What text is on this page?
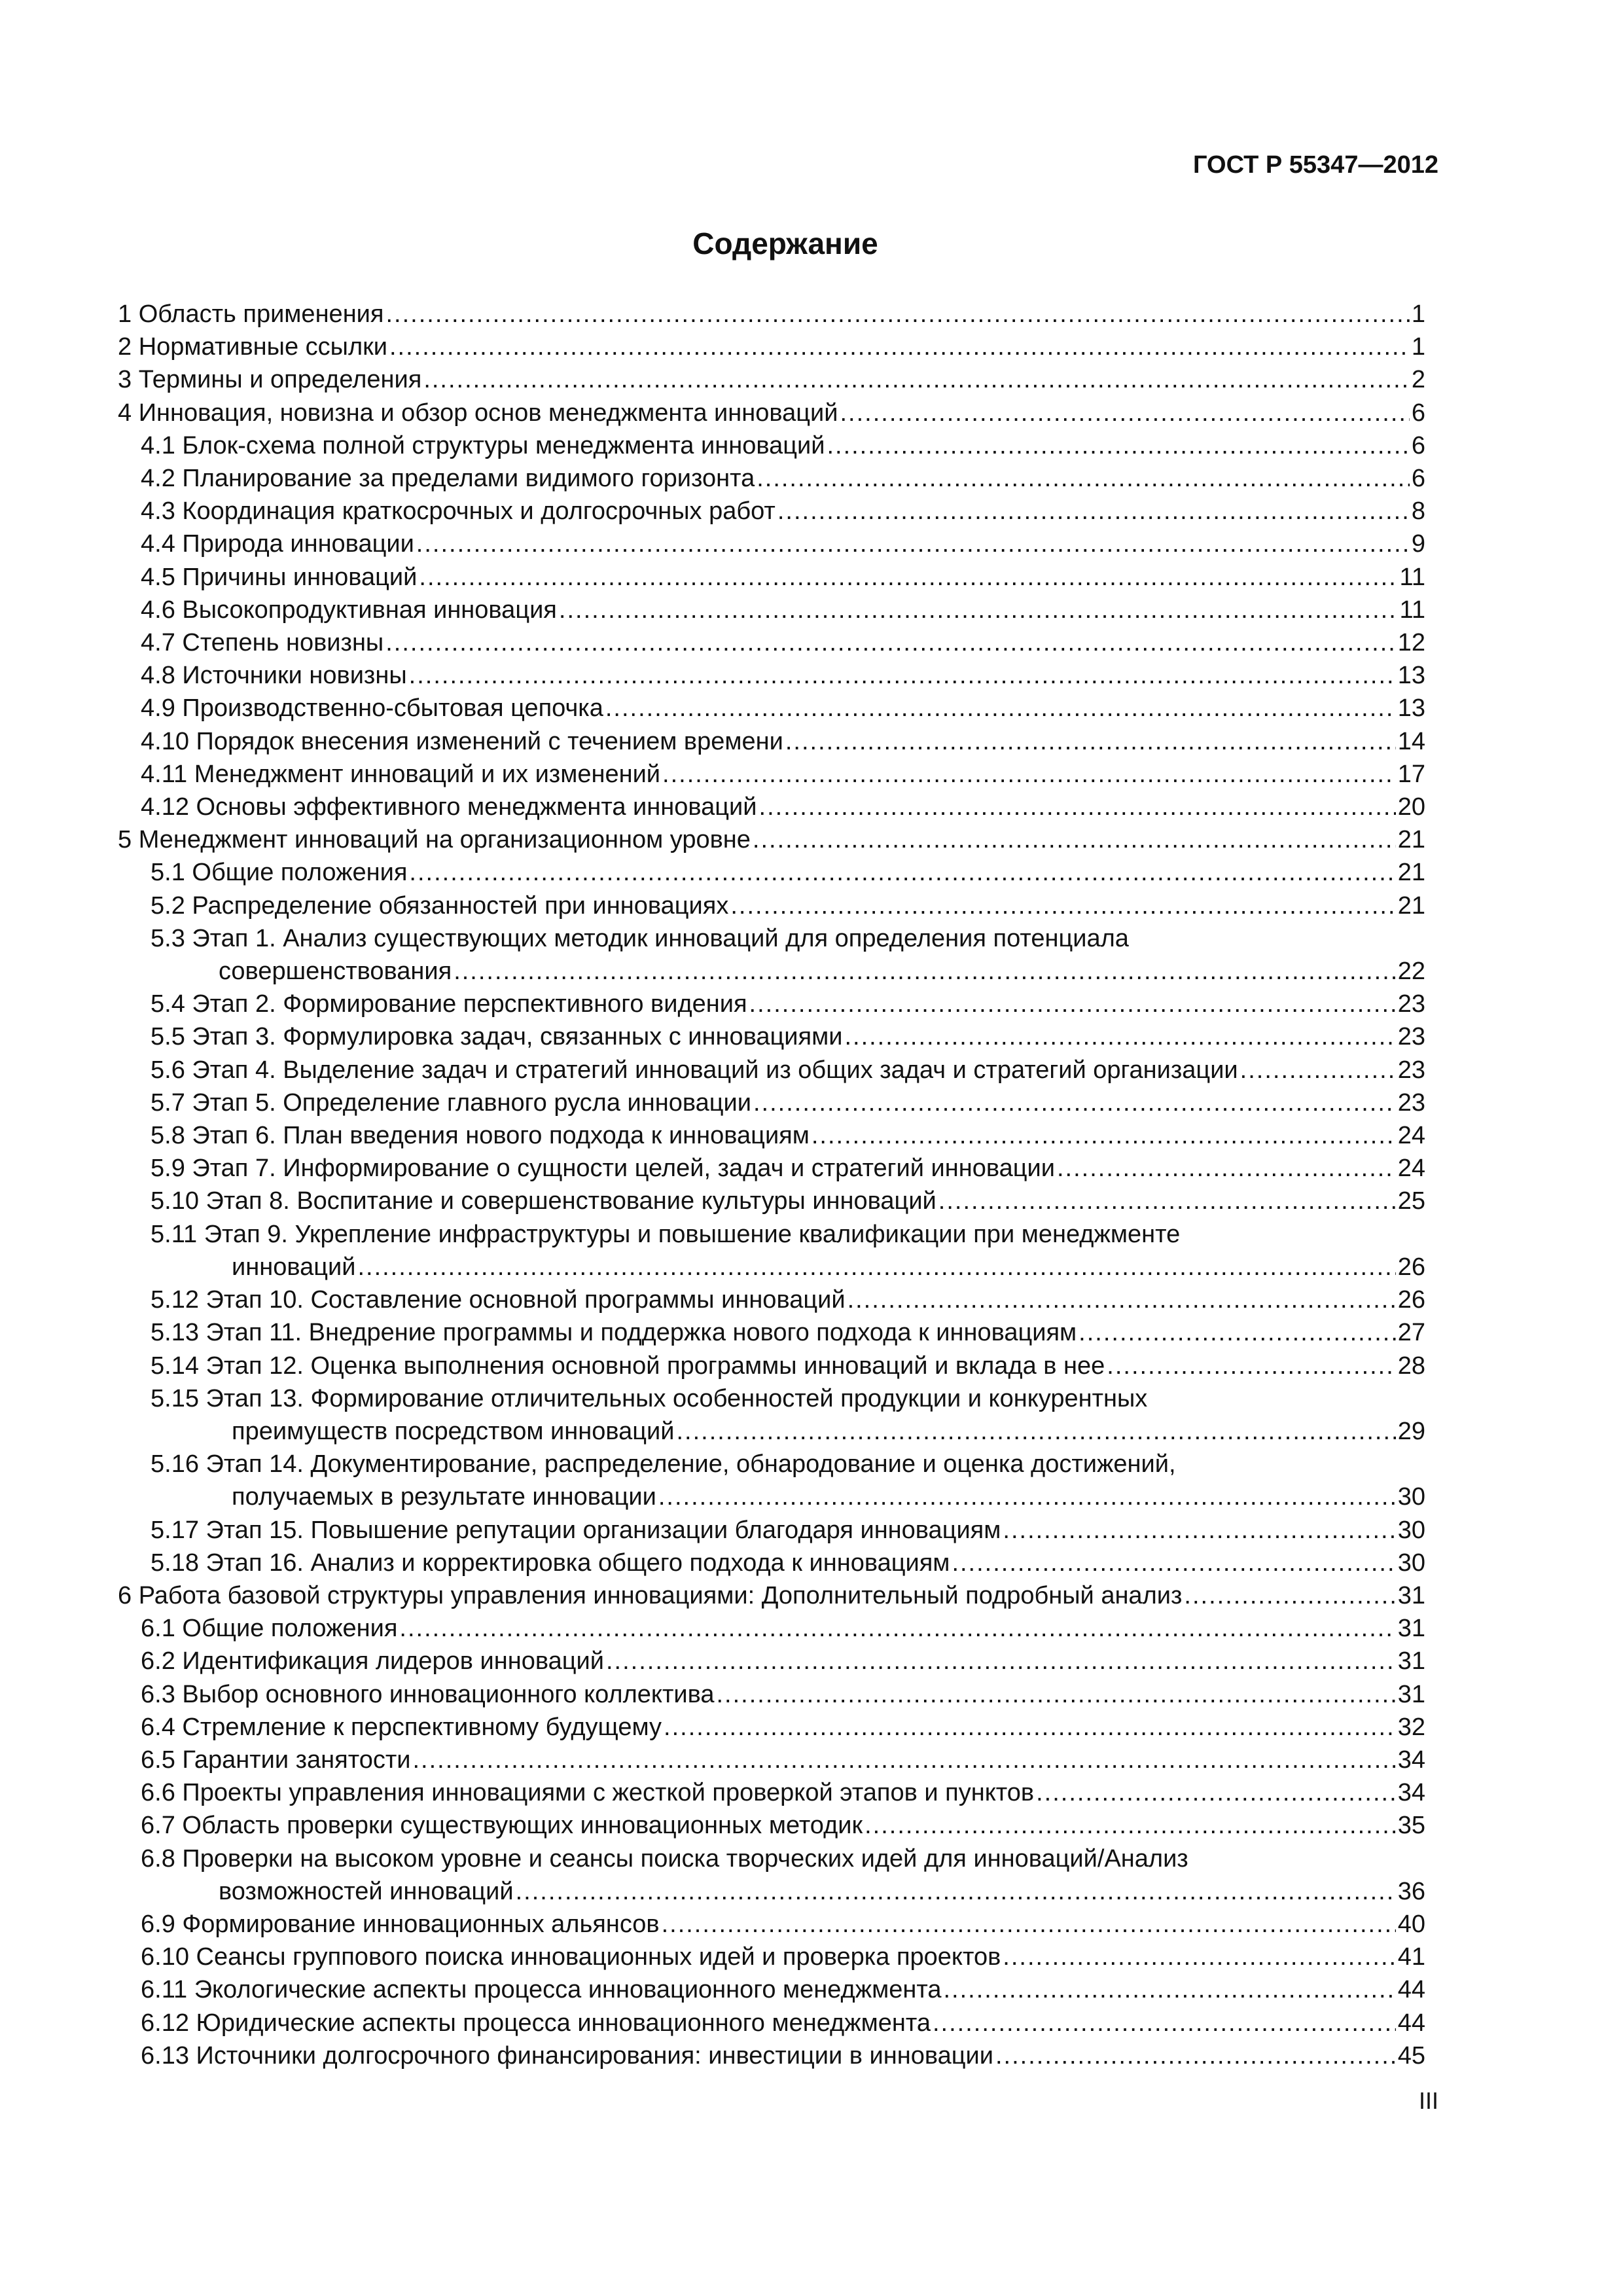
ГОСТ Р 55347—2012
Содержание
1 Область применения .....	1
2 Нормативные ссылки .....	1
3 Термины и определения .....	2
4 Инновация, новизна и обзор основ менеджмента инноваций .....	6
4.1 Блок-схема полной структуры менеджмента инноваций .....	6
4.2 Планирование за пределами видимого горизонта .....	6
4.3 Координация краткосрочных и долгосрочных работ .....	8
4.4 Природа инновации .....	9
4.5 Причины инноваций .....	11
4.6 Высокопродуктивная инновация .....	11
4.7 Степень новизны .....	12
4.8 Источники новизны .....	13
4.9 Производственно-сбытовая цепочка .....	13
4.10 Порядок внесения изменений с течением времени .....	14
4.11 Менеджмент инноваций и их изменений .....	17
4.12 Основы эффективного менеджмента инноваций .....	20
5 Менеджмент инноваций на организационном уровне .....	21
5.1 Общие положения .....	21
5.2 Распределение обязанностей при инновациях .....	21
5.3 Этап 1. Анализ существующих методик инноваций для определения потенциала
совершенствования .....	22
5.4 Этап 2. Формирование перспективного видения .....	23
5.5 Этап 3. Формулировка задач, связанных с инновациями .....	23
5.6 Этап 4. Выделение задач и стратегий инноваций из общих задач и стратегий организации .....	23
5.7 Этап 5. Определение главного русла инновации .....	23
5.8 Этап 6. План введения нового подхода к инновациям .....	24
5.9 Этап 7. Информирование о сущности целей, задач и стратегий инновации .....	24
5.10 Этап 8. Воспитание и совершенствование культуры инноваций .....	25
5.11 Этап 9. Укрепление инфраструктуры и повышение квалификации при менеджменте
инноваций .....	26
5.12 Этап 10. Составление основной программы инноваций .....	26
5.13 Этап 11. Внедрение программы и поддержка нового подхода к инновациям .....	27
5.14 Этап 12. Оценка выполнения основной программы инноваций и вклада в нее .....	28
5.15 Этап 13. Формирование отличительных особенностей продукции и конкурентных
преимуществ посредством инноваций .....	29
5.16 Этап 14. Документирование, распределение, обнародование и оценка достижений,
получаемых в результате инновации .....	30
5.17 Этап 15. Повышение репутации организации благодаря инновациям .....	30
5.18 Этап 16. Анализ и корректировка общего подхода к инновациям .....	30
6 Работа базовой структуры управления инновациями: Дополнительный подробный анализ .....	31
6.1 Общие положения .....	31
6.2 Идентификация лидеров инноваций .....	31
6.3 Выбор основного инновационного коллектива .....	31
6.4 Стремление к перспективному будущему .....	32
6.5 Гарантии занятости .....	34
6.6 Проекты управления инновациями с жесткой проверкой этапов и пунктов .....	34
6.7 Область проверки существующих инновационных методик .....	35
6.8 Проверки на высоком уровне и сеансы поиска творческих идей для инноваций/Анализ
возможностей инноваций .....	36
6.9 Формирование инновационных альянсов .....	40
6.10 Сеансы группового поиска инновационных идей и проверка проектов .....	41
6.11 Экологические аспекты процесса инновационного менеджмента .....	44
6.12 Юридические аспекты процесса инновационного менеджмента .....	44
6.13 Источники долгосрочного финансирования: инвестиции в инновации .....	45
III
